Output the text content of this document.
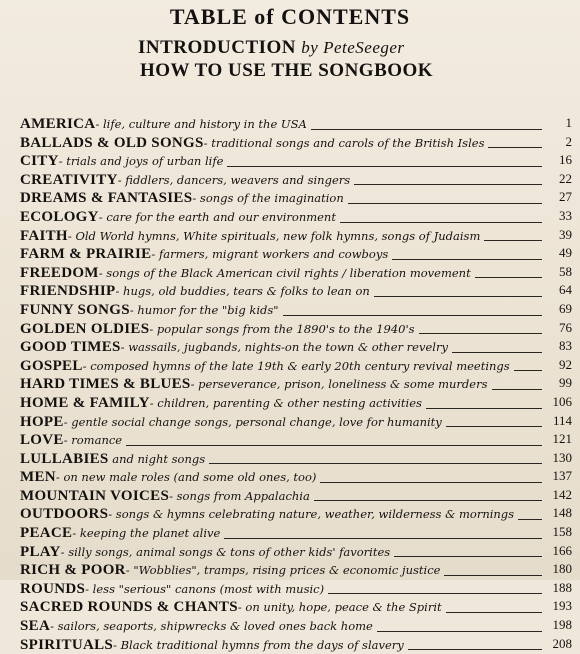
TABLE of CONTENTS
INTRODUCTION by PeteSeeger
HOW TO USE THE SONGBOOK
AMERICA- life, culture and history in the USA	1
BALLADS & OLD SONGS- traditional songs and carols of the British Isles	2
CITY- trials and joys of urban life	16
CREATIVITY- fiddlers, dancers, weavers and singers	22
DREAMS & FANTASIES- songs of the imagination	27
ECOLOGY- care for the earth and our environment	33
FAITH- Old World hymns, White spirituals, new folk hymns, songs of Judaism	39
FARM & PRAIRIE- farmers, migrant workers and cowboys	49
FREEDOM- songs of the Black American civil rights / liberation movement	58
FRIENDSHIP- hugs, old buddies, tears & folks to lean on	64
FUNNY SONGS- humor for the "big kids"	69
GOLDEN OLDIES- popular songs from the 1890's to the 1940's	76
GOOD TIMES- wassails, jugbands, nights-on the town & other revelry	83
GOSPEL- composed hymns of the late 19th & early 20th century revival meetings	92
HARD TIMES & BLUES- perseverance, prison, loneliness & some murders	99
HOME & FAMILY- children, parenting & other nesting activities	106
HOPE- gentle social change songs, personal change, love for humanity	114
LOVE- romance	121
LULLABIES and night songs	130
MEN- on new male roles (and some old ones, too)	137
MOUNTAIN VOICES- songs from Appalachia	142
OUTDOORS- songs & hymns celebrating nature, weather, wilderness & mornings	148
PEACE- keeping the planet alive	158
PLAY- silly songs, animal songs & tons of other kids' favorites	166
RICH & POOR- "Wobblies", tramps, rising prices & economic justice	180
ROUNDS- less "serious" canons (most with music)	188
SACRED ROUNDS & CHANTS- on unity, hope, peace & the Spirit	193
SEA- sailors, seaports, shipwrecks & loved ones back home	198
SPIRITUALS- Black traditional hymns from the days of slavery	208
